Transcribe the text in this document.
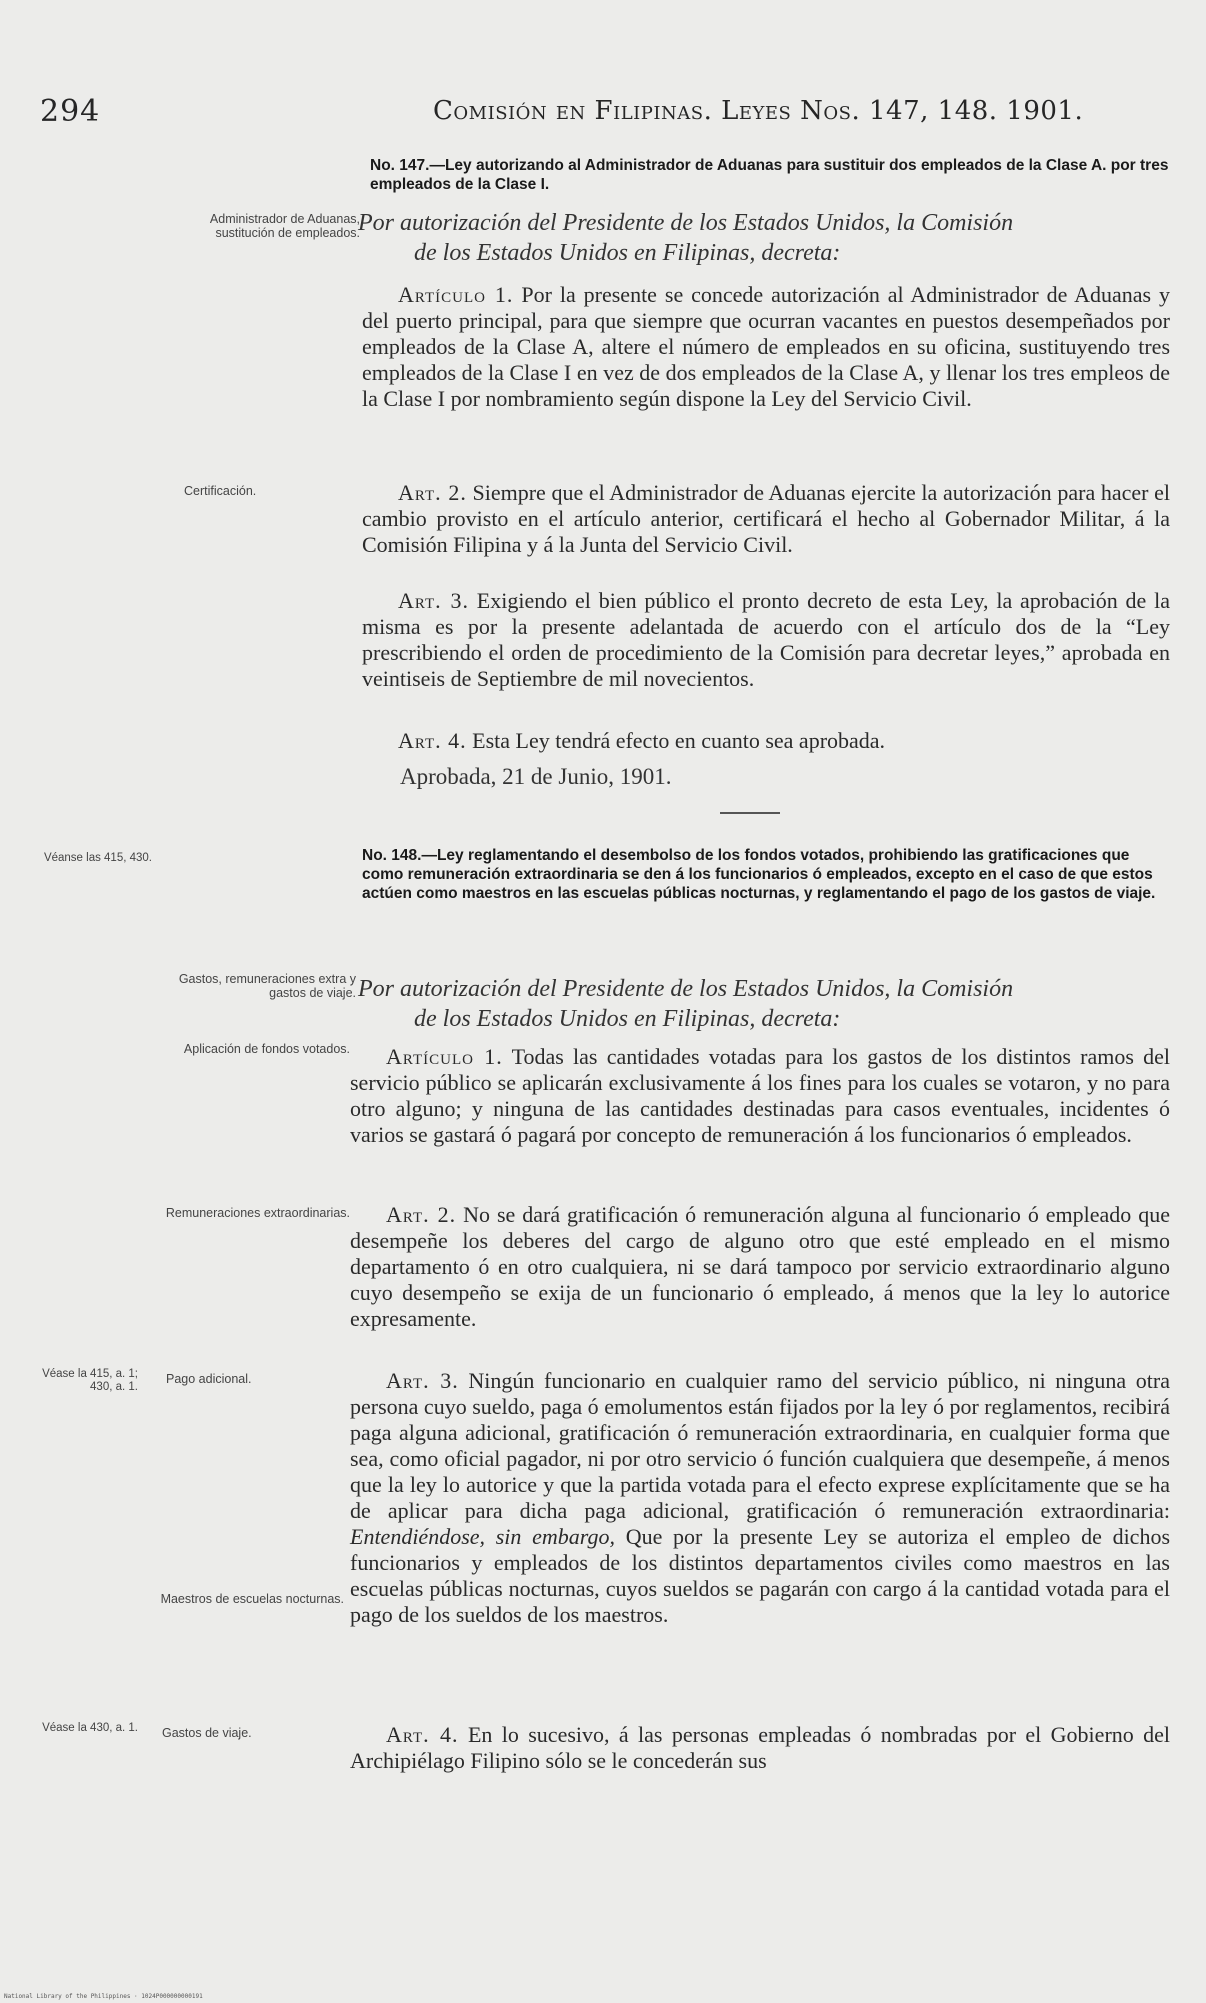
294	Comisión en Filipinas. Leyes Nos. 147, 148. 1901.
No. 147.—Ley autorizando al Administrador de Aduanas para sustituir dos empleados de la Clase A. por tres empleados de la Clase I.
Administrador de Aduanas, sustitución de empleados.
Por autorización del Presidente de los Estados Unidos, la Comisión
de los Estados Unidos en Filipinas, decreta:
Artículo 1. Por la presente se concede autorización al Administrador de Aduanas y del puerto principal, para que siempre que ocurran vacantes en puestos desempeñados por empleados de la Clase A, altere el número de empleados en su oficina, sustituyendo tres empleados de la Clase I en vez de dos empleados de la Clase A, y llenar los tres empleos de la Clase I por nombramiento según dispone la Ley del Servicio Civil.
Certificación.	Art. 2. Siempre que el Administrador de Aduanas ejercite la autorización para hacer el cambio provisto en el artículo anterior, certificará el hecho al Gobernador Militar, á la Comisión Filipina y á la Junta del Servicio Civil.
Art. 3. Exigiendo el bien público el pronto decreto de esta Ley, la aprobación de la misma es por la presente adelantada de acuerdo con el artículo dos de la “Ley prescribiendo el orden de procedimiento de la Comisión para decretar leyes,” aprobada en veintiseis de Septiembre de mil novecientos.
Art. 4. Esta Ley tendrá efecto en cuanto sea aprobada.
Aprobada, 21 de Junio, 1901.
Véanse las 415, 430.	No. 148.—Ley reglamentando el desembolso de los fondos votados, prohibiendo las gratificaciones que como remuneración extraordinaria se den á los funcionarios ó empleados, excepto en el caso de que estos actúen como maestros en las escuelas públicas nocturnas, y reglamentando el pago de los gastos de viaje.
Gastos, remuneraciones extra y gastos de viaje. Por autorización del Presidente de los Estados Unidos, la Comisión
de los Estados Unidos en Filipinas, decreta:
Aplicación de fondos votados.	Artículo 1. Todas las cantidades votadas para los gastos de los distintos ramos del servicio público se aplicarán exclusivamente á los fines para los cuales se votaron, y no para otro alguno; y ninguna de las cantidades destinadas para casos eventuales, incidentes ó varios se gastará ó pagará por concepto de remuneración á los funcionarios ó empleados.
Remuneraciones extraordinarias.	Art. 2. No se dará gratificación ó remuneración alguna al funcionario ó empleado que desempeñe los deberes del cargo de alguno otro que esté empleado en el mismo departamento ó en otro cualquiera, ni se dará tampoco por servicio extraordinario alguno cuyo desempeño se exija de un funcionario ó empleado, á menos que la ley lo autorice expresamente.
Véase la 415, a. 1; 430, a. 1.
Pago adicional.	Art. 3. Ningún funcionario en cualquier ramo del servicio público, ni ninguna otra persona cuyo sueldo, paga ó emolumentos están fijados por la ley ó por reglamentos, recibirá paga alguna adicional, gratificación ó remuneración extraordinaria, en cualquier forma que sea, como oficial pagador, ni por otro servicio ó función cualquiera que desempeñe, á menos que la ley lo autorice y que la partida votada para el efecto exprese explícitamente que se ha de aplicar para dicha paga adicional, gratificación ó remuneración extraordinaria: Entendiéndose, sin embargo, Que por la presente Ley se autoriza el empleo de dichos funcionarios y empleados de los distintos departamentos civiles como maestros en las escuelas públicas nocturnas, cuyos sueldos se pagarán con cargo á la cantidad votada para el pago de los sueldos de los maestros.
Maestros de escuelas nocturnas.
Véase la 430, a. 1. Gastos de viaje.	Art. 4. En lo sucesivo, á las personas empleadas ó nombradas por el Gobierno del Archipiélago Filipino sólo se le concederán sus
National Library of the Philippines · 1024P000000000191
